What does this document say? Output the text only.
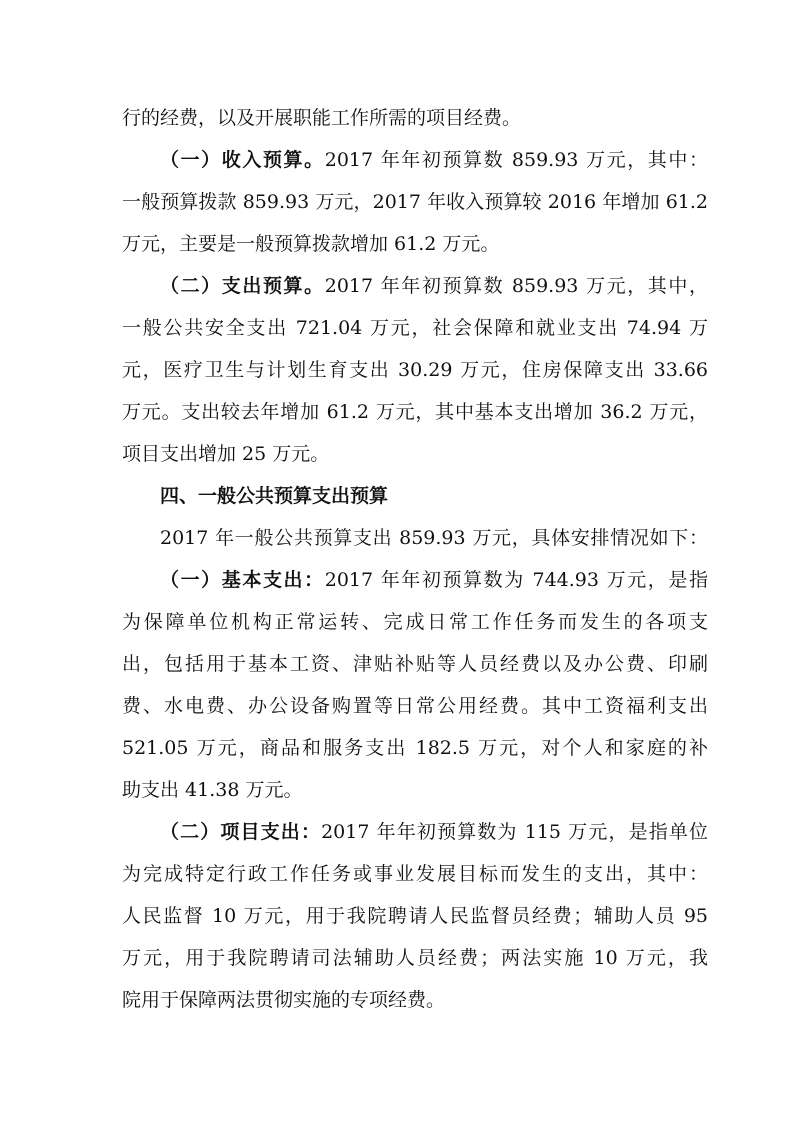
行的经费，以及开展职能工作所需的项目经费。
（一）收入预算。2017 年年初预算数 859.93 万元，其中：
一般预算拨款 859.93 万元，2017 年收入预算较 2016 年增加 61.2
万元，主要是一般预算拨款增加 61.2 万元。
（二）支出预算。2017 年年初预算数 859.93 万元，其中，
一般公共安全支出 721.04 万元，社会保障和就业支出 74.94 万
元，医疗卫生与计划生育支出 30.29 万元，住房保障支出 33.66
万元。支出较去年增加 61.2 万元，其中基本支出增加 36.2 万元，
项目支出增加 25 万元。
四、一般公共预算支出预算
2017 年一般公共预算支出 859.93 万元，具体安排情况如下：
（一）基本支出：2017 年年初预算数为 744.93 万元，是指
为保障单位机构正常运转、完成日常工作任务而发生的各项支
出，包括用于基本工资、津贴补贴等人员经费以及办公费、印刷
费、水电费、办公设备购置等日常公用经费。其中工资福利支出
521.05 万元，商品和服务支出 182.5 万元，对个人和家庭的补
助支出 41.38 万元。
（二）项目支出：2017 年年初预算数为 115 万元，是指单位
为完成特定行政工作任务或事业发展目标而发生的支出，其中：
人民监督 10 万元，用于我院聘请人民监督员经费；辅助人员 95
万元，用于我院聘请司法辅助人员经费；两法实施 10 万元，我
院用于保障两法贯彻实施的专项经费。
